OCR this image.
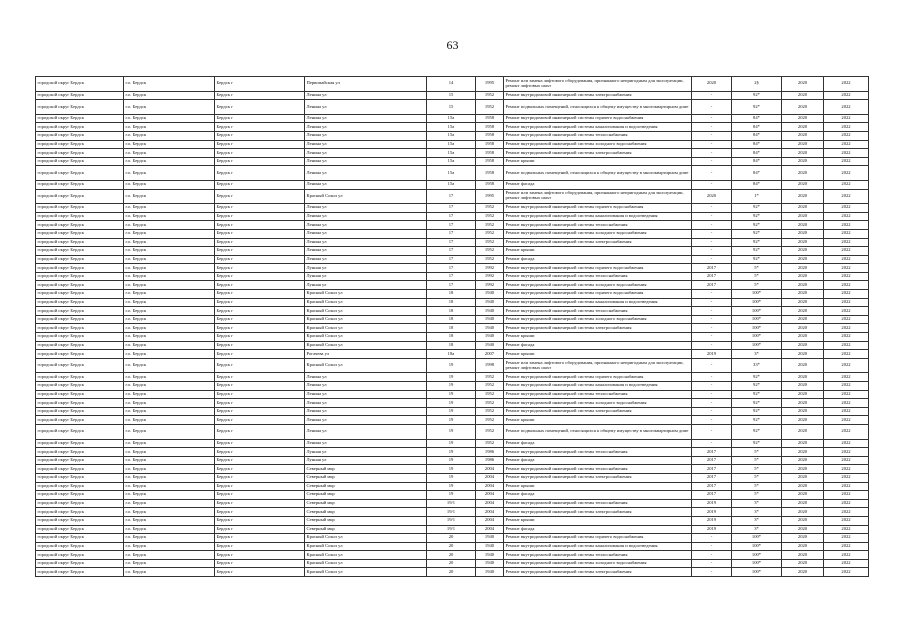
63
городской округ Бердск	г.о. Бердск	Бердск г	Первомайская ул	14	1995	Ремонт или замена лифтового оборудования, признанного непригодным для эксплуатации, ремонт лифтовых шахт	2020	2§	2020	2022
городской округ Бердск	г.о. Бердск	Бердск г	Ленина ул	15	1952	Ремонт внутридомовой инженерной системы электроснабжения	-	92*	2020	2022
городской округ Бердск	г.о. Бердск	Бердск г	Ленина ул	15	1952	Ремонт подвальных помещений, относящихся к общему имуществу в многоквартирном доме	-	92*	2020	2022
городской округ Бердск	г.о. Бердск	Бердск г	Ленина ул	15а	1958	Ремонт внутридомовой инженерной системы горячего водоснабжения	-	84*	2020	2022
городской округ Бердск	г.о. Бердск	Бердск г	Ленина ул	15а	1958	Ремонт внутридомовой инженерной системы канализования и водоотведения	-	84*	2020	2022
городской округ Бердск	г.о. Бердск	Бердск г	Ленина ул	15а	1958	Ремонт внутридомовой инженерной системы теплоснабжения	-	84*	2020	2022
городской округ Бердск	г.о. Бердск	Бердск г	Ленина ул	15а	1958	Ремонт внутридомовой инженерной системы холодного водоснабжения	-	84*	2020	2022
городской округ Бердск	г.о. Бердск	Бердск г	Ленина ул	15а	1958	Ремонт внутридомовой инженерной системы электроснабжения	-	84*	2020	2022
городской округ Бердск	г.о. Бердск	Бердск г	Ленина ул	15а	1958	Ремонт крыши	-	84*	2020	2022
городской округ Бердск	г.о. Бердск	Бердск г	Ленина ул	15а	1958	Ремонт подвальных помещений, относящихся к общему имуществу в многоквартирном доме	-	84*	2020	2022
городской округ Бердск	г.о. Бердск	Бердск г	Ленина ул	15а	1958	Ремонт фасада	-	84*	2020	2022
городской округ Бердск	г.о. Бердск	Бердск г	Красный Сокол ул	17	1995	Ремонт или замена лифтового оборудования, признанного непригодным для эксплуатации, ремонт лифтовых шахт	2020	1*	2020	2022
городской округ Бердск	г.о. Бердск	Бердск г	Ленина ул	17	1952	Ремонт внутридомовой инженерной системы горячего водоснабжения	-	92*	2020	2022
городской округ Бердск	г.о. Бердск	Бердск г	Ленина ул	17	1952	Ремонт внутридомовой инженерной системы канализования и водоотведения	-	92*	2020	2022
городской округ Бердск	г.о. Бердск	Бердск г	Ленина ул	17	1952	Ремонт внутридомовой инженерной системы теплоснабжения	-	92*	2020	2022
городской округ Бердск	г.о. Бердск	Бердск г	Ленина ул	17	1952	Ремонт внутридомовой инженерной системы холодного водоснабжения	-	92*	2020	2022
городской округ Бердск	г.о. Бердск	Бердск г	Ленина ул	17	1952	Ремонт внутридомовой инженерной системы электроснабжения	-	92*	2020	2022
городской округ Бердск	г.о. Бердск	Бердск г	Ленина ул	17	1952	Ремонт крыши	-	92*	2020	2022
городской округ Бердск	г.о. Бердск	Бердск г	Ленина ул	17	1952	Ремонт фасада	-	92*	2020	2022
городской округ Бердск	г.о. Бердск	Бердск г	Лунная ул	17	1992	Ремонт внутридомовой инженерной системы горячего водоснабжения	2017	5*	2020	2022
городской округ Бердск	г.о. Бердск	Бердск г	Лунная ул	17	1992	Ремонт внутридомовой инженерной системы теплоснабжения	2017	5*	2020	2022
городской округ Бердск	г.о. Бердск	Бердск г	Лунная ул	17	1992	Ремонт внутридомовой инженерной системы холодного водоснабжения	2017	5*	2020	2022
городской округ Бердск	г.о. Бердск	Бердск г	Красный Сокол ул	18	1940	Ремонт внутридомовой инженерной системы горячего водоснабжения	-	100*	2020	2022
городской округ Бердск	г.о. Бердск	Бердск г	Красный Сокол ул	18	1940	Ремонт внутридомовой инженерной системы канализования и водоотведения	-	100*	2020	2022
городской округ Бердск	г.о. Бердск	Бердск г	Красный Сокол ул	18	1940	Ремонт внутридомовой инженерной системы теплоснабжения	-	100*	2020	2022
городской округ Бердск	г.о. Бердск	Бердск г	Красный Сокол ул	18	1940	Ремонт внутридомовой инженерной системы холодного водоснабжения	-	100*	2020	2022
городской округ Бердск	г.о. Бердск	Бердск г	Красный Сокол ул	18	1940	Ремонт внутридомовой инженерной системы электроснабжения	-	100*	2020	2022
городской округ Бердск	г.о. Бердск	Бердск г	Красный Сокол ул	18	1940	Ремонт крыши	-	100*	2020	2022
городской округ Бердск	г.о. Бердск	Бердск г	Красный Сокол ул	18	1940	Ремонт фасада	-	100*	2020	2022
городской округ Бердск	г.о. Бердск	Бердск г	Рогачева ул	18а	2007	Ремонт крыши	2019	3*	2020	2022
городской округ Бердск	г.о. Бердск	Бердск г	Красный Сокол ул	19	1998	Ремонт или замена лифтового оборудования, признанного непригодным для эксплуатации, ремонт лифтовых шахт	-	33*	2020	2022
городской округ Бердск	г.о. Бердск	Бердск г	Ленина ул	19	1952	Ремонт внутридомовой инженерной системы горячего водоснабжения	-	92*	2020	2022
городской округ Бердск	г.о. Бердск	Бердск г	Ленина ул	19	1952	Ремонт внутридомовой инженерной системы канализования и водоотведения	-	92*	2020	2022
городской округ Бердск	г.о. Бердск	Бердск г	Ленина ул	19	1952	Ремонт внутридомовой инженерной системы теплоснабжения	-	92*	2020	2022
городской округ Бердск	г.о. Бердск	Бердск г	Ленина ул	19	1952	Ремонт внутридомовой инженерной системы холодного водоснабжения	-	92*	2020	2022
городской округ Бердск	г.о. Бердск	Бердск г	Ленина ул	19	1952	Ремонт внутридомовой инженерной системы электроснабжения	-	92*	2020	2022
городской округ Бердск	г.о. Бердск	Бердск г	Ленина ул	19	1952	Ремонт крыши	-	92*	2020	2022
городской округ Бердск	г.о. Бердск	Бердск г	Ленина ул	19	1952	Ремонт подвальных помещений, относящихся к общему имуществу в многоквартирном доме	-	92*	2020	2022
городской округ Бердск	г.о. Бердск	Бердск г	Ленина ул	19	1952	Ремонт фасада	-	92*	2020	2022
городской округ Бердск	г.о. Бердск	Бердск г	Лунная ул	19	1986	Ремонт внутридомовой инженерной системы теплоснабжения	2017	5*	2020	2022
городской округ Бердск	г.о. Бердск	Бердск г	Лунная ул	19	1986	Ремонт фасада	2017	5*	2020	2022
городской округ Бердск	г.о. Бердск	Бердск г	Северный мкр	19	2004	Ремонт внутридомовой инженерной системы теплоснабжения	2017	5*	2020	2022
городской округ Бердск	г.о. Бердск	Бердск г	Северный мкр	19	2004	Ремонт внутридомовой инженерной системы электроснабжения	2017	5*	2020	2022
городской округ Бердск	г.о. Бердск	Бердск г	Северный мкр	19	2004	Ремонт крыши	2017	5*	2020	2022
городской округ Бердск	г.о. Бердск	Бердск г	Северный мкр	19	2004	Ремонт фасада	2017	5*	2020	2022
городской округ Бердск	г.о. Бердск	Бердск г	Северный мкр	19/1	2004	Ремонт внутридомовой инженерной системы теплоснабжения	2019	3*	2020	2022
городской округ Бердск	г.о. Бердск	Бердск г	Северный мкр	19/1	2004	Ремонт внутридомовой инженерной системы электроснабжения	2019	3*	2020	2022
городской округ Бердск	г.о. Бердск	Бердск г	Северный мкр	19/1	2004	Ремонт крыши	2019	3*	2020	2022
городской округ Бердск	г.о. Бердск	Бердск г	Северный мкр	19/1	2004	Ремонт фасада	2019	3*	2020	2022
городской округ Бердск	г.о. Бердск	Бердск г	Красный Сокол ул	20	1940	Ремонт внутридомовой инженерной системы горячего водоснабжения	-	100*	2020	2022
городской округ Бердск	г.о. Бердск	Бердск г	Красный Сокол ул	20	1940	Ремонт внутридомовой инженерной системы канализования и водоотведения	-	100*	2020	2022
городской округ Бердск	г.о. Бердск	Бердск г	Красный Сокол ул	20	1940	Ремонт внутридомовой инженерной системы теплоснабжения	-	100*	2020	2022
городской округ Бердск	г.о. Бердск	Бердск г	Красный Сокол ул	20	1940	Ремонт внутридомовой инженерной системы холодного водоснабжения	-	100*	2020	2022
городской округ Бердск	г.о. Бердск	Бердск г	Красный Сокол ул	20	1940	Ремонт внутридомовой инженерной системы электроснабжения	-	100*	2020	2022
